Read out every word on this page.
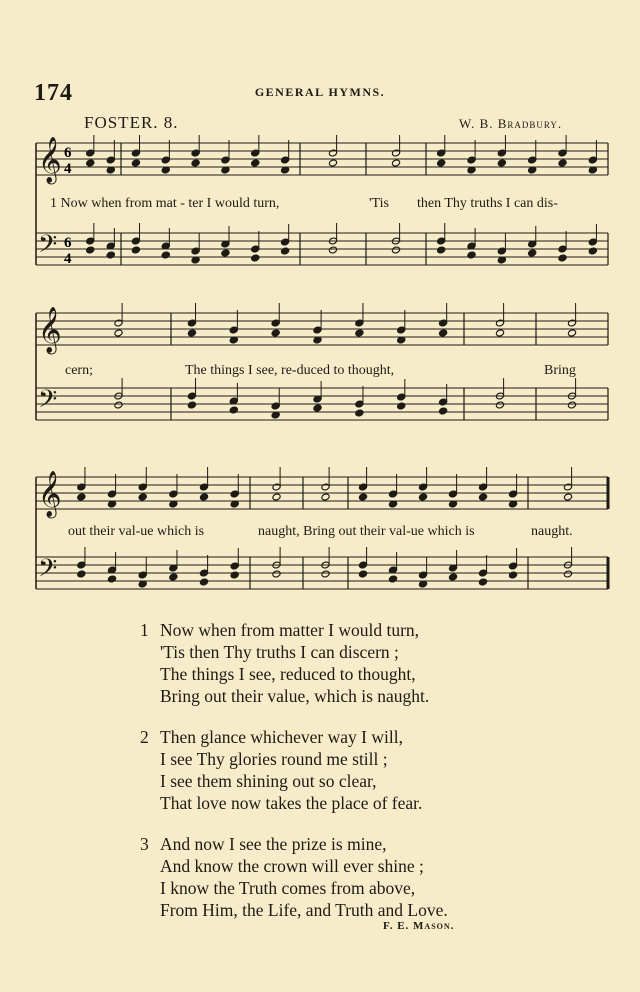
174	GENERAL HYMNS.
FOSTER. 8.	W. B. Bradbury.
𝄞
𝄢
6
4
6
4
1 Now when from mat - ter I would turn,	'Tis then Thy truths I can dis-
𝄞
𝄢
cern;	The things I see, re-duced to thought,	Bring
𝄞
𝄢
out their val-ue which is	naught, Bring out their val-ue which is	naught.
1 Now when from matter I would turn,
'Tis then Thy truths I can discern ;
The things I see, reduced to thought,
Bring out their value, which is naught.
2 Then glance whichever way I will,
I see Thy glories round me still ;
I see them shining out so clear,
That love now takes the place of fear.
3 And now I see the prize is mine,
And know the crown will ever shine ;
I know the Truth comes from above,
From Him, the Life, and Truth and Love.
F. E. Mason.
